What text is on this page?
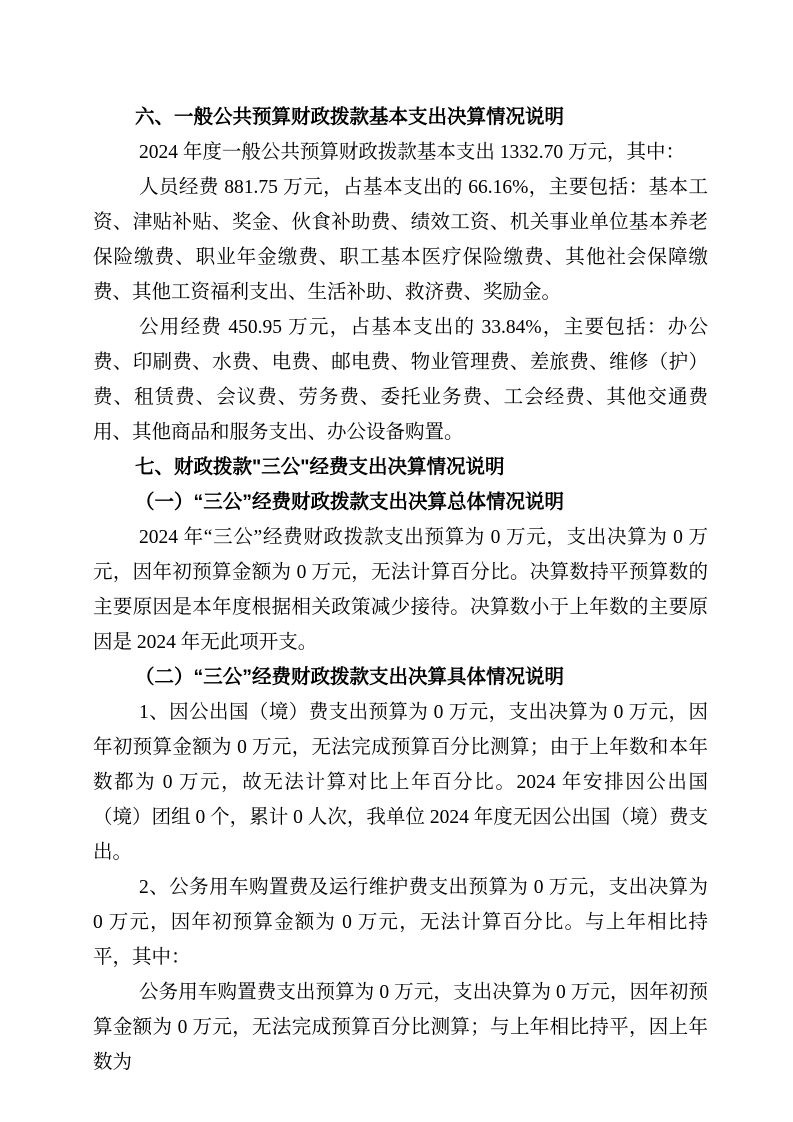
六、一般公共预算财政拨款基本支出决算情况说明
2024 年度一般公共预算财政拨款基本支出 1332.70 万元，其中：
人员经费 881.75 万元，占基本支出的 66.16%，主要包括：基本工资、津贴补贴、奖金、伙食补助费、绩效工资、机关事业单位基本养老保险缴费、职业年金缴费、职工基本医疗保险缴费、其他社会保障缴费、其他工资福利支出、生活补助、救济费、奖励金。
公用经费 450.95 万元，占基本支出的 33.84%，主要包括：办公费、印刷费、水费、电费、邮电费、物业管理费、差旅费、维修（护）费、租赁费、会议费、劳务费、委托业务费、工会经费、其他交通费用、其他商品和服务支出、办公设备购置。
七、财政拨款"三公"经费支出决算情况说明
（一）“三公”经费财政拨款支出决算总体情况说明
2024 年“三公”经费财政拨款支出预算为 0 万元，支出决算为 0 万元，因年初预算金额为 0 万元，无法计算百分比。决算数持平预算数的主要原因是本年度根据相关政策减少接待。决算数小于上年数的主要原因是 2024 年无此项开支。
（二）“三公”经费财政拨款支出决算具体情况说明
1、因公出国（境）费支出预算为 0 万元，支出决算为 0 万元，因年初预算金额为 0 万元，无法完成预算百分比测算；由于上年数和本年数都为 0 万元，故无法计算对比上年百分比。2024 年安排因公出国（境）团组 0 个，累计 0 人次，我单位 2024 年度无因公出国（境）费支出。
2、公务用车购置费及运行维护费支出预算为 0 万元，支出决算为 0 万元，因年初预算金额为 0 万元，无法计算百分比。与上年相比持平，其中：
公务用车购置费支出预算为 0 万元，支出决算为 0 万元，因年初预算金额为 0 万元，无法完成预算百分比测算；与上年相比持平，因上年数为
